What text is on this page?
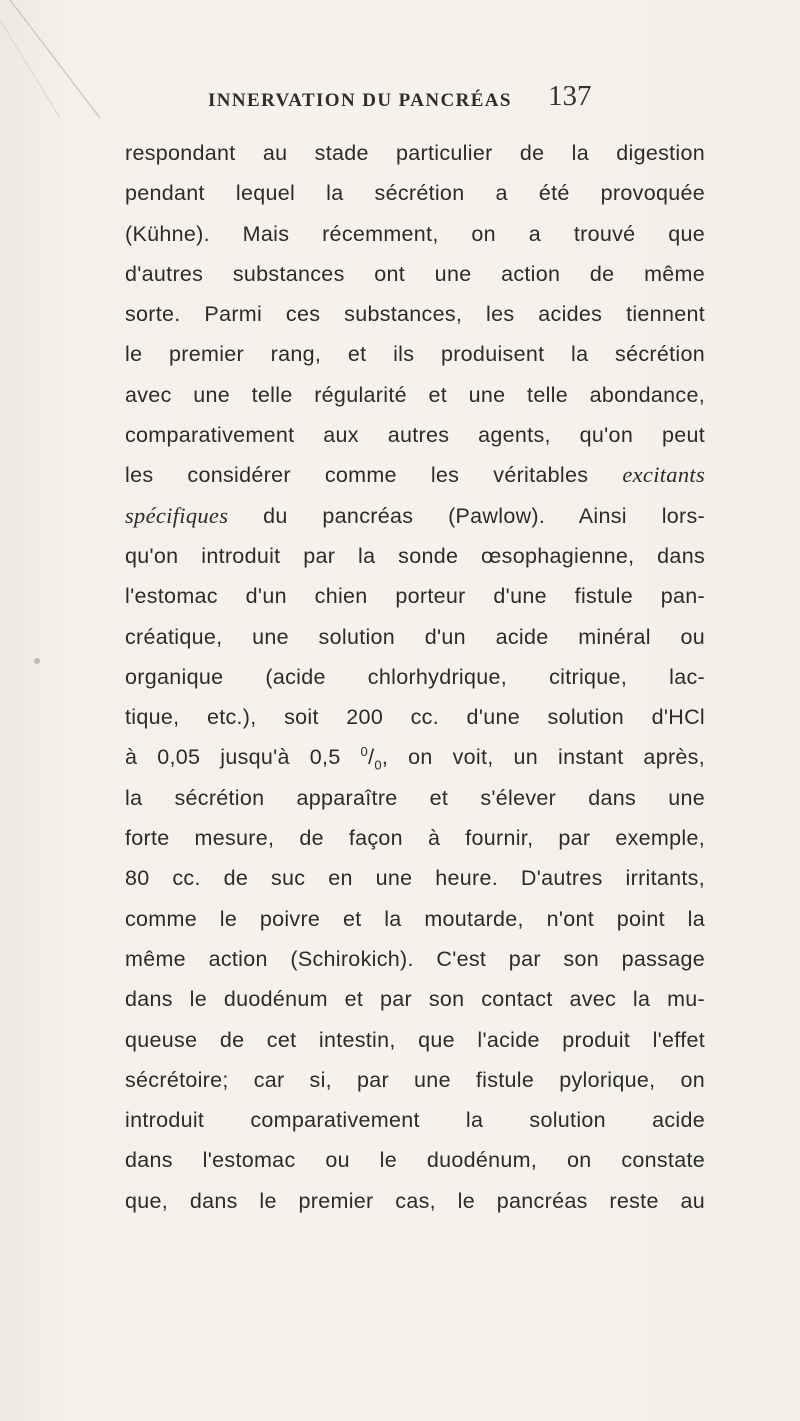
INNERVATION DU PANCRÉAS 137
respondant au stade particulier de la digestion
pendant lequel la sécrétion a été provoquée
(Kühne). Mais récemment, on a trouvé que
d'autres substances ont une action de même
sorte. Parmi ces substances, les acides tiennent
le premier rang, et ils produisent la sécrétion
avec une telle régularité et une telle abondance,
comparativement aux autres agents, qu'on peut
les considérer comme les véritables excitants
spécifiques du pancréas (Pawlow). Ainsi lors-
qu'on introduit par la sonde œsophagienne, dans
l'estomac d'un chien porteur d'une fistule pan-
créatique, une solution d'un acide minéral ou
organique (acide chlorhydrique, citrique, lac-
tique, etc.), soit 200 cc. d'une solution d'HCl
à 0,05 jusqu'à 0,5 $^0/_0$, on voit, un instant après,
la sécrétion apparaître et s'élever dans une
forte mesure, de façon à fournir, par exemple,
80 cc. de suc en une heure. D'autres irritants,
comme le poivre et la moutarde, n'ont point la
même action (Schirokich). C'est par son passage
dans le duodénum et par son contact avec la mu-
queuse de cet intestin, que l'acide produit l'effet
sécrétoire; car si, par une fistule pylorique, on
introduit comparativement la solution acide
dans l'estomac ou le duodénum, on constate
que, dans le premier cas, le pancréas reste au
